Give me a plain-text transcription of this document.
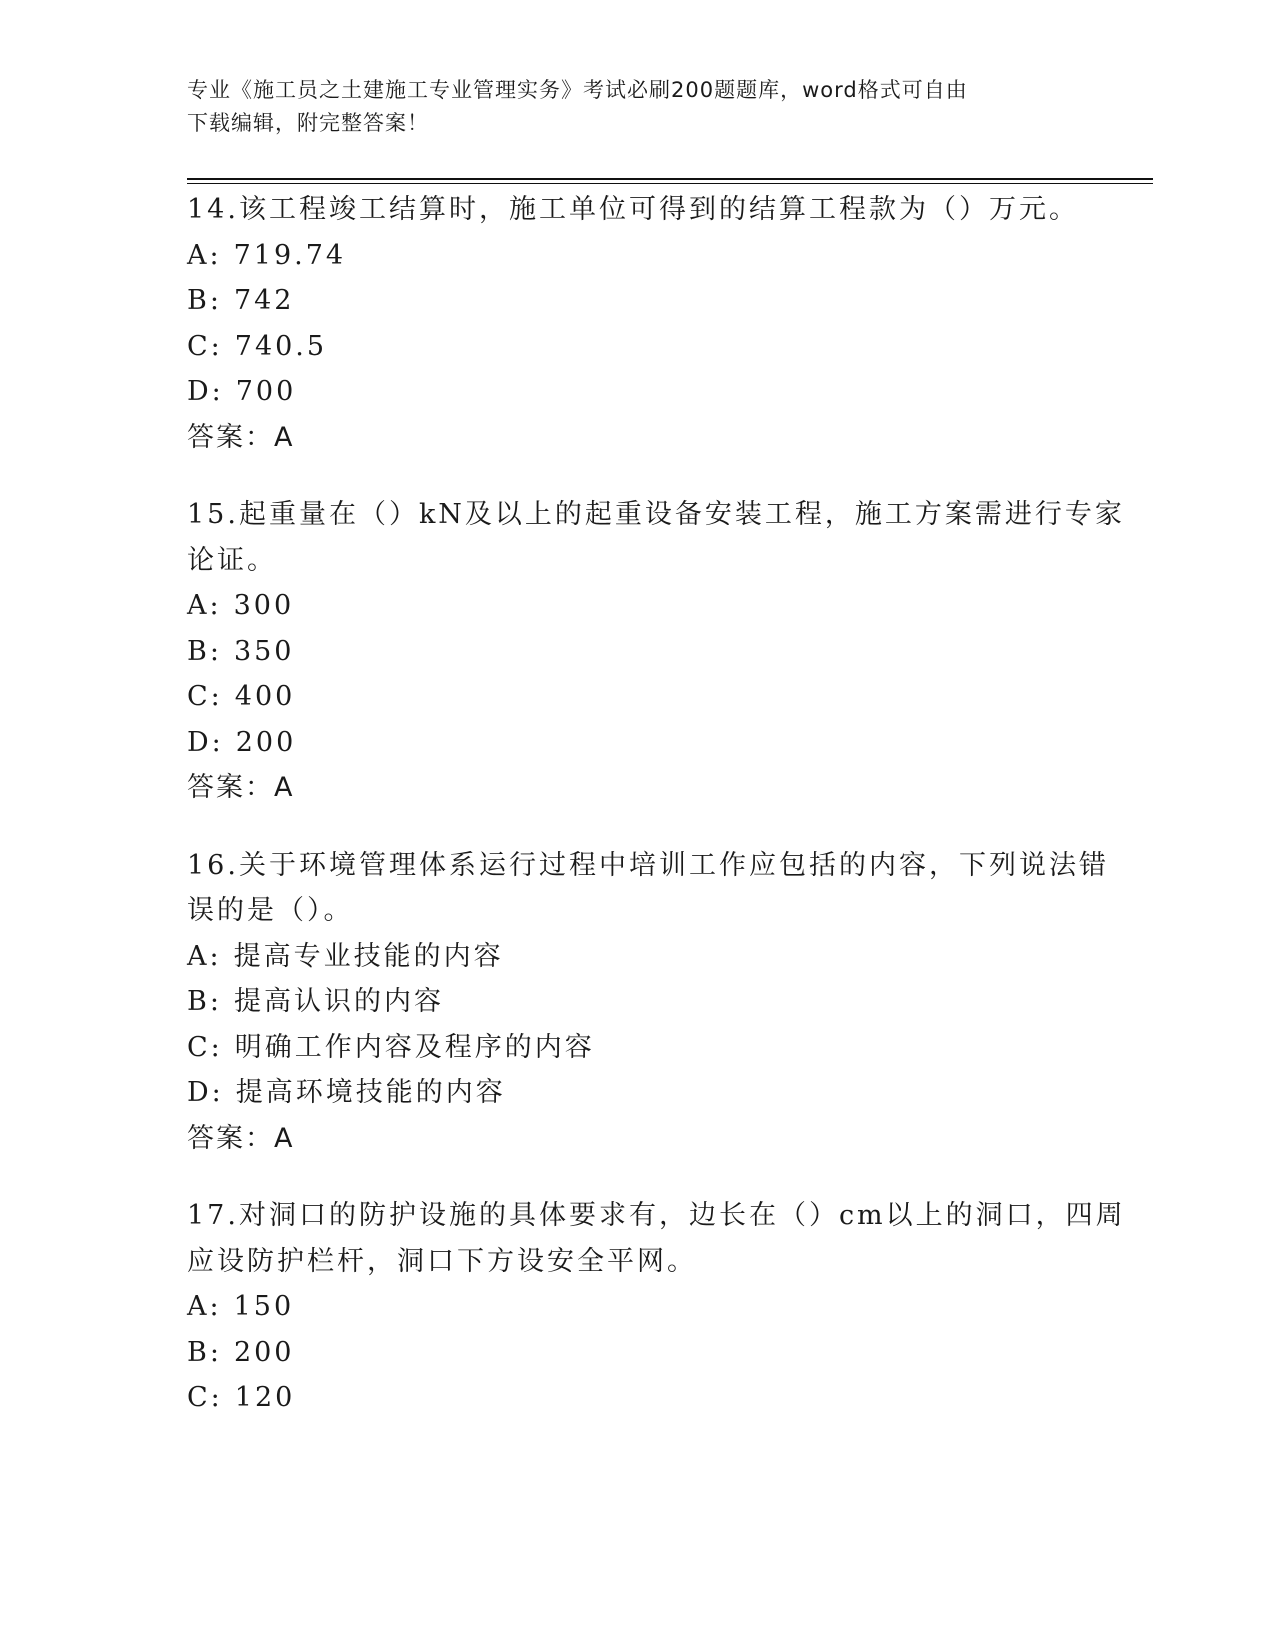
专业《施工员之土建施工专业管理实务》考试必刷200题题库，word格式可自由
下载编辑，附完整答案！
14.该工程竣工结算时，施工单位可得到的结算工程款为（）万元。
A: 719.74
B: 742
C: 740.5
D: 700
答案：A
15.起重量在（）kN及以上的起重设备安装工程，施工方案需进行专家
论证。
A: 300
B: 350
C: 400
D: 200
答案：A
16.关于环境管理体系运行过程中培训工作应包括的内容，下列说法错
误的是（）。
A: 提高专业技能的内容
B: 提高认识的内容
C: 明确工作内容及程序的内容
D: 提高环境技能的内容
答案：A
17.对洞口的防护设施的具体要求有，边长在（）cm以上的洞口，四周
应设防护栏杆，洞口下方设安全平网。
A: 150
B: 200
C: 120
